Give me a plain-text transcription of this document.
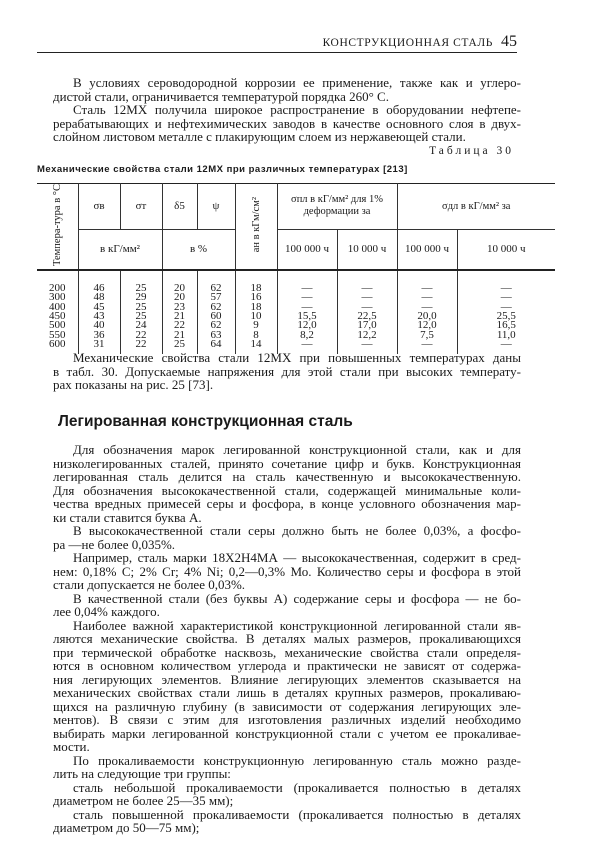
КОНСТРУКЦИОННАЯ СТАЛЬ 45
В условиях сероводородной коррозии ее применение, также как и углеро-
дистой стали, ограничивается температурой порядка 260° С.
Сталь 12МХ получила широкое распространение в оборудовании нефтепе-
рерабатывающих и нефтехимических заводов в качестве основного слоя в двух-
слойном листовом металле с плакирующим слоем из нержавеющей стали.
Таблица 30
Механические свойства стали 12МХ при различных температурах [213]
Темпера-тура в °C	σв	σт	δ5	ψ	aн в кГм/см²	σпл в кГ/мм² для 1% деформации за		σдл в кГ/мм² за	
	в кГ/мм²		в %			100 000 ч	10 000 ч	100 000 ч	10 000 ч
200	46	25	20	62	18	—	—	—	—
300	48	29	20	57	16	—	—	—	—
400	45	25	23	62	18	—	—	—	—
450	43	25	21	60	10	15,5	22,5	20,0	25,5
500	40	24	22	62	9	12,0	17,0	12,0	16,5
550	36	22	21	63	8	8,2	12,2	7,5	11,0
600	31	22	25	64	14	—	—	—	—
Механические свойства стали 12МХ при повышенных температурах даны
в табл. 30. Допускаемые напряжения для этой стали при высоких температу-
рах показаны на рис. 25 [73].
Легированная конструкционная сталь
Для обозначения марок легированной конструкционной стали, как и для
низколегированных сталей, принято сочетание цифр и букв. Конструкционная
легированная сталь делится на сталь качественную и высококачественную.
Для обозначения высококачественной стали, содержащей минимальные коли-
чества вредных примесей серы и фосфора, в конце условного обозначения мар-
ки стали ставится буква А.
В высококачественной стали серы должно быть не более 0,03%, а фосфо-
ра —не более 0,035%.
Например, сталь марки 18Х2Н4МА — высококачественная, содержит в сред-
нем: 0,18% С; 2% Сr; 4% Ni; 0,2—0,3% Мо. Количество серы и фосфора в этой
стали допускается не более 0,03%.
В качественной стали (без буквы А) содержание серы и фосфора — не бо-
лее 0,04% каждого.
Наиболее важной характеристикой конструкционной легированной стали яв-
ляются механические свойства. В деталях малых размеров, прокаливающихся
при термической обработке насквозь, механические свойства стали определя-
ются в основном количеством углерода и практически не зависят от содержа-
ния легирующих элементов. Влияние легирующих элементов сказывается на
механических свойствах стали лишь в деталях крупных размеров, прокаливаю-
щихся на различную глубину (в зависимости от содержания легирующих эле-
ментов). В связи с этим для изготовления различных изделий необходимо
выбирать марки легированной конструкционной стали с учетом ее прокаливае-
мости.
По прокаливаемости конструкционную легированную сталь можно разде-
лить на следующие три группы:
сталь небольшой прокаливаемости (прокаливается полностью в деталях
диаметром не более 25—35 мм);
сталь повышенной прокаливаемости (прокаливается полностью в деталях
диаметром до 50—75 мм);
